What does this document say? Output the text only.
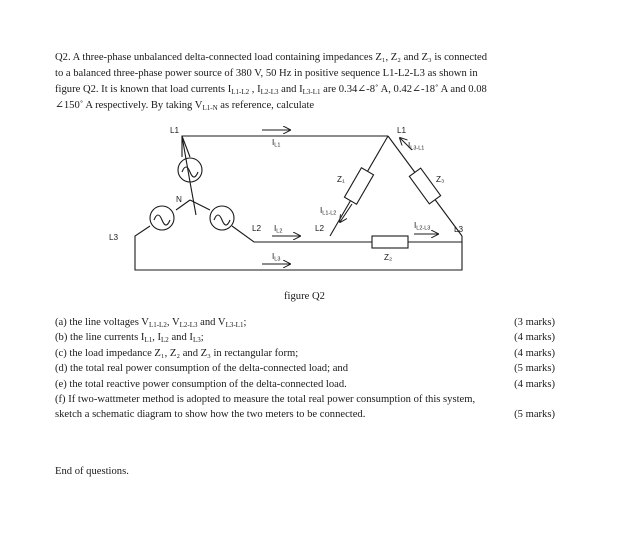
Q2. A three-phase unbalanced delta-connected load containing impedances Z₁, Z₂ and Z₃ is connected
to a balanced three-phase power source of 380 V, 50 Hz in positive sequence L1-L2-L3 as shown in
figure Q2. It is known that load currents $I_{L1-L2}$ , $I_{L2-L3}$ and $I_{L3-L1}$ are 0.34∠-8˚ A, 0.42∠-18˚ A and 0.08
∠150˚ A respectively. By taking $V_{L1-N}$ as reference, calculate
L1	L1
N
L3
L3
L2	L2
IL1
IL2
IL3
IL1-L2
IL2-L3
IL3-L1
Z₁
Z₂
Z₃
figure Q2
(a) the line voltages $V_{L1-L2}$, $V_{L2-L3}$ and $V_{L3-L1}$;	(3 marks)
(b) the line currents $I_{L1}$, $I_{L2}$ and $I_{L3}$;	(4 marks)
(c) the load impedance Z₁, Z₂ and Z₃ in rectangular form;	(4 marks)
(d) the total real power consumption of the delta-connected load; and	(5 marks)
(e) the total reactive power consumption of the delta-connected load.	(4 marks)
(f) If two-wattmeter method is adopted to measure the total real power consumption of this system,
sketch a schematic diagram to show how the two meters to be connected.	(5 marks)
End of questions.
